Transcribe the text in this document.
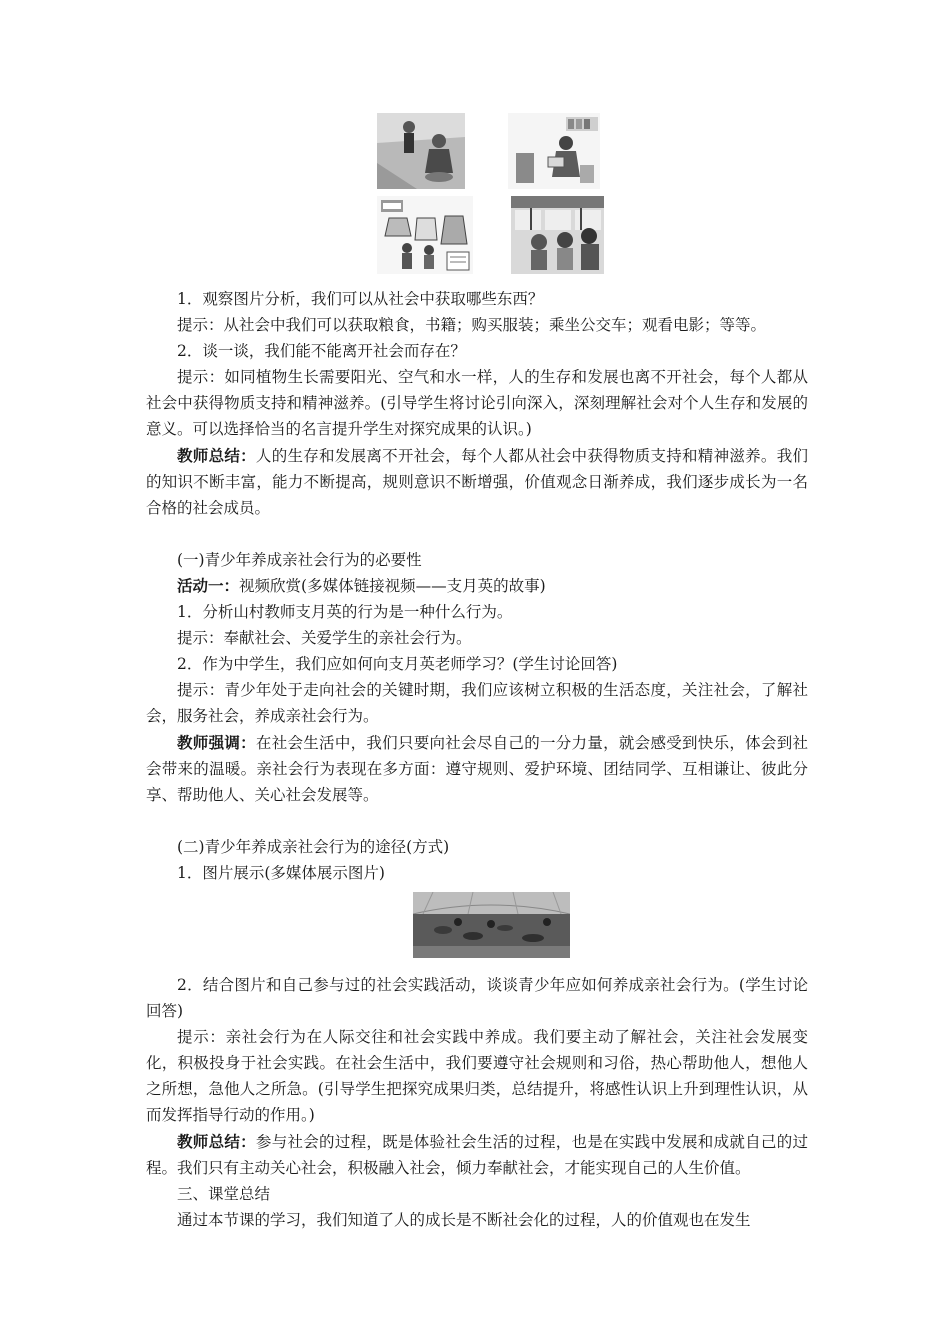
1．观察图片分析，我们可以从社会中获取哪些东西？

提示：从社会中我们可以获取粮食，书籍；购买服装；乘坐公交车；观看电影；等等。

2．谈一谈，我们能不能离开社会而存在？

提示：如同植物生长需要阳光、空气和水一样，人的生存和发展也离不开社会，每个人都从社会中获得物质支持和精神滋养。(引导学生将讨论引向深入，深刻理解社会对个人生存和发展的意义。可以选择恰当的名言提升学生对探究成果的认识。)

教师总结：人的生存和发展离不开社会，每个人都从社会中获得物质支持和精神滋养。我们的知识不断丰富，能力不断提高，规则意识不断增强，价值观念日渐养成，我们逐步成长为一名合格的社会成员。

(一)青少年养成亲社会行为的必要性

活动一：视频欣赏(多媒体链接视频——支月英的故事)

1．分析山村教师支月英的行为是一种什么行为。

提示：奉献社会、关爱学生的亲社会行为。

2．作为中学生，我们应如何向支月英老师学习？(学生讨论回答)

提示：青少年处于走向社会的关键时期，我们应该树立积极的生活态度，关注社会，了解社会，服务社会，养成亲社会行为。

教师强调：在社会生活中，我们只要向社会尽自己的一分力量，就会感受到快乐，体会到社会带来的温暖。亲社会行为表现在多方面：遵守规则、爱护环境、团结同学、互相谦让、彼此分享、帮助他人、关心社会发展等。

(二)青少年养成亲社会行为的途径(方式)

1．图片展示(多媒体展示图片)

2．结合图片和自己参与过的社会实践活动，谈谈青少年应如何养成亲社会行为。(学生讨论回答)

提示：亲社会行为在人际交往和社会实践中养成。我们要主动了解社会，关注社会发展变化，积极投身于社会实践。在社会生活中，我们要遵守社会规则和习俗，热心帮助他人，想他人之所想，急他人之所急。(引导学生把探究成果归类，总结提升，将感性认识上升到理性认识，从而发挥指导行动的作用。)

教师总结：参与社会的过程，既是体验社会生活的过程，也是在实践中发展和成就自己的过程。我们只有主动关心社会，积极融入社会，倾力奉献社会，才能实现自己的人生价值。

三、课堂总结

通过本节课的学习，我们知道了人的成长是不断社会化的过程，人的价值观也在发生
